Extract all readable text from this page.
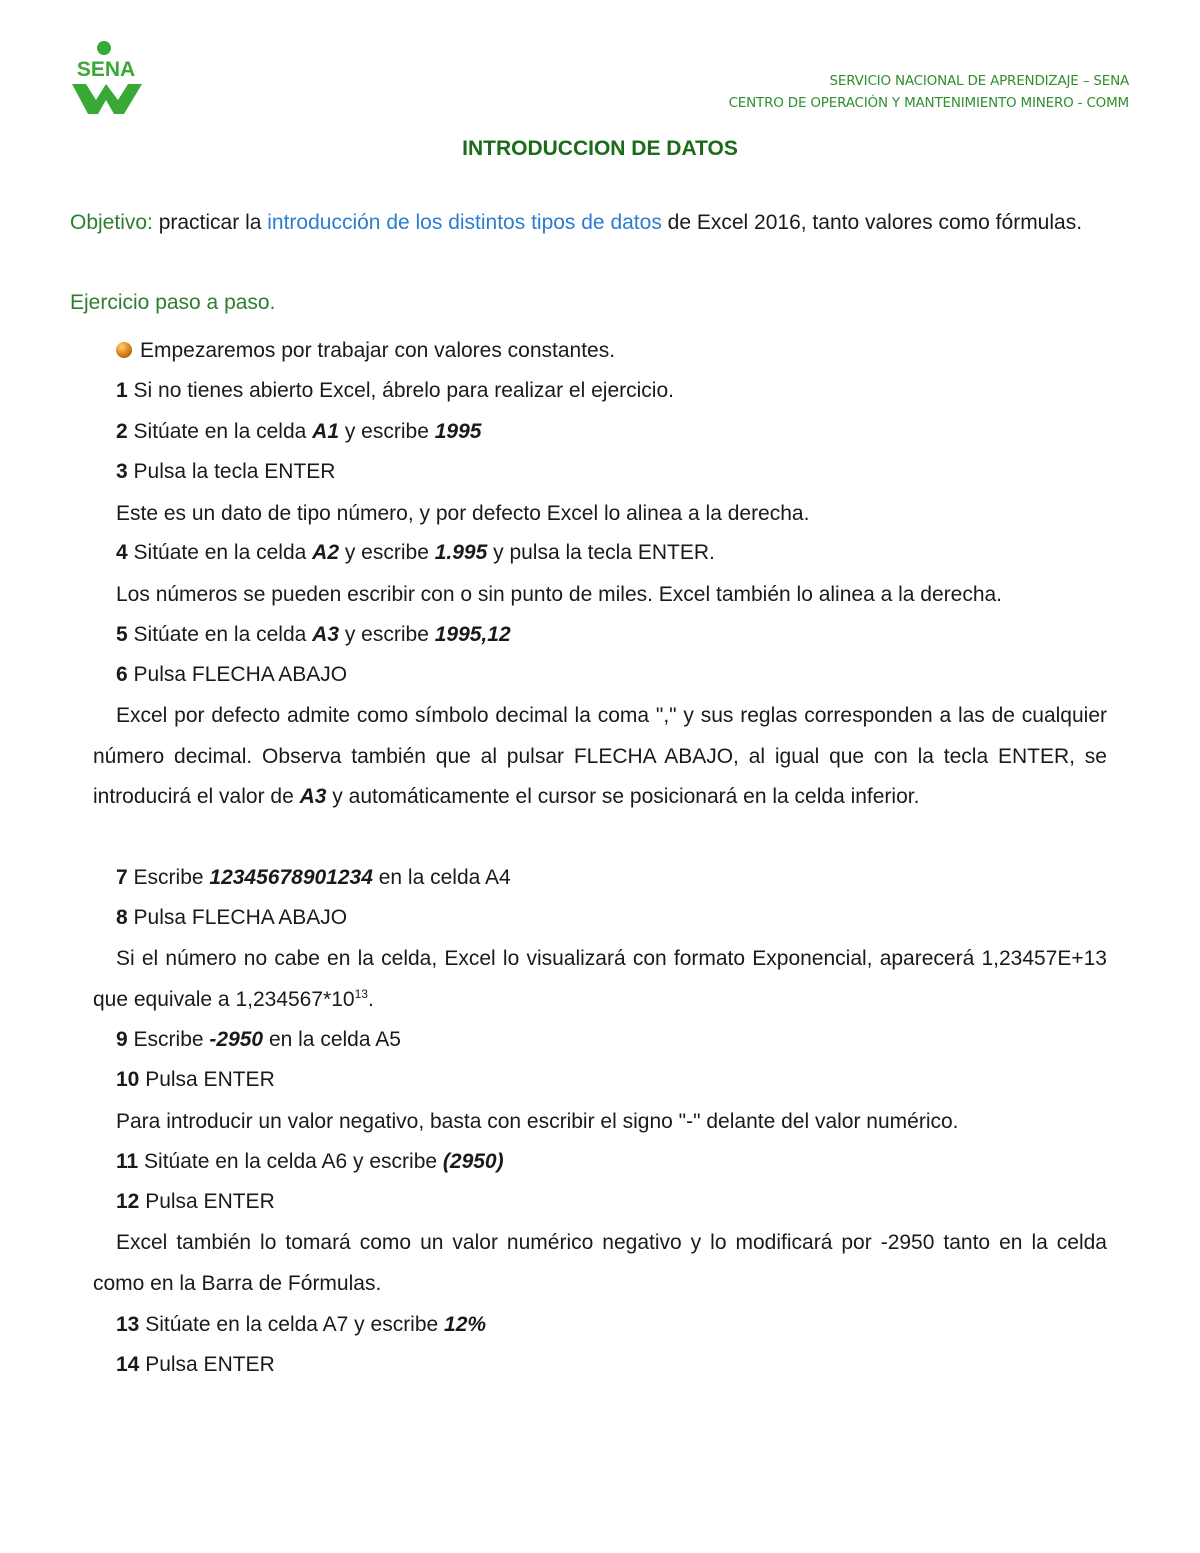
SENA	SERVICIO NACIONAL DE APRENDIZAJE – SENA
CENTRO DE OPERACIÓN Y MANTENIMIENTO MINERO - COMM
INTRODUCCION DE DATOS
Objetivo: practicar la introducción de los distintos tipos de datos de Excel 2016, tanto valores como fórmulas.
Ejercicio paso a paso.
Empezaremos por trabajar con valores constantes.
1 Si no tienes abierto Excel, ábrelo para realizar el ejercicio.
2 Sitúate en la celda A1 y escribe 1995
3 Pulsa la tecla ENTER
Este es un dato de tipo número, y por defecto Excel lo alinea a la derecha.
4 Sitúate en la celda A2 y escribe 1.995 y pulsa la tecla ENTER.
Los números se pueden escribir con o sin punto de miles. Excel también lo alinea a la derecha.
5 Sitúate en la celda A3 y escribe 1995,12
6 Pulsa FLECHA ABAJO
Excel por defecto admite como símbolo decimal la coma "," y sus reglas corresponden a las de cualquier número decimal. Observa también que al pulsar FLECHA ABAJO, al igual que con la tecla ENTER, se introducirá el valor de A3 y automáticamente el cursor se posicionará en la celda inferior.
7 Escribe 12345678901234 en la celda A4
8 Pulsa FLECHA ABAJO
Si el número no cabe en la celda, Excel lo visualizará con formato Exponencial, aparecerá 1,23457E+13 que equivale a $1,234567*10^{13}$.
9 Escribe -2950 en la celda A5
10 Pulsa ENTER
Para introducir un valor negativo, basta con escribir el signo "-" delante del valor numérico.
11 Sitúate en la celda A6 y escribe (2950)
12 Pulsa ENTER
Excel también lo tomará como un valor numérico negativo y lo modificará por -2950 tanto en la celda como en la Barra de Fórmulas.
13 Sitúate en la celda A7 y escribe 12%
14 Pulsa ENTER
